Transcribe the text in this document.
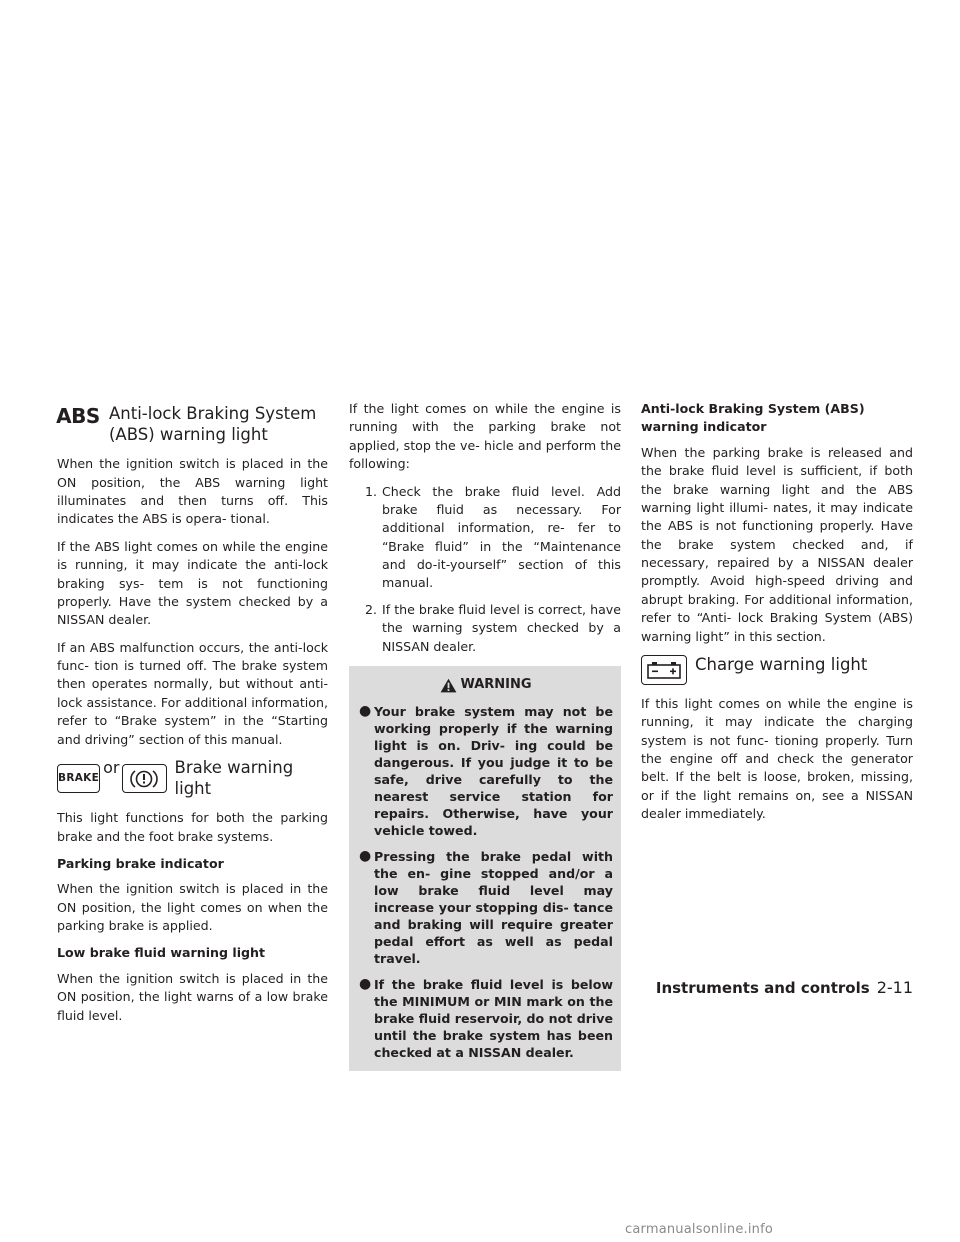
ABS Anti-lock Braking System
(ABS) warning light

When the ignition switch is placed in the ON position, the ABS warning light illuminates and then turns off. This indicates the ABS is opera- tional.

If the ABS light comes on while the engine is running, it may indicate the anti-lock braking sys- tem is not functioning properly. Have the system checked by a NISSAN dealer.

If an ABS malfunction occurs, the anti-lock func- tion is turned off. The brake system then operates normally, but without anti-lock assistance. For additional information, refer to “Brake system” in the “Starting and driving” section of this manual.

BRAKE
or	Brake warning light

This light functions for both the parking brake and the foot brake systems.

Parking brake indicator

When the ignition switch is placed in the ON position, the light comes on when the parking brake is applied.

Low brake fluid warning light

When the ignition switch is placed in the ON position, the light warns of a low brake fluid level.

If the light comes on while the engine is running with the parking brake not applied, stop the ve- hicle and perform the following:

1. Check the brake fluid level. Add brake fluid as necessary. For additional information, re- fer to “Brake fluid” in the “Maintenance and do-it-yourself” section of this manual.
2. If the brake fluid level is correct, have the warning system checked by a NISSAN dealer.
WARNING
● Your brake system may not be working properly if the warning light is on. Driv- ing could be dangerous. If you judge it to be safe, drive carefully to the nearest service station for repairs. Otherwise, have your vehicle towed.
● Pressing the brake pedal with the en- gine stopped and/or a low brake fluid level may increase your stopping dis- tance and braking will require greater pedal effort as well as pedal travel.
● If the brake fluid level is below the MINIMUM or MIN mark on the brake fluid reservoir, do not drive until the brake system has been checked at a NISSAN dealer.
Anti-lock Braking System (ABS) warning indicator

When the parking brake is released and the brake fluid level is sufficient, if both the brake warning light and the ABS warning light illumi- nates, it may indicate the ABS is not functioning properly. Have the brake system checked and, if necessary, repaired by a NISSAN dealer promptly. Avoid high-speed driving and abrupt braking. For additional information, refer to “Anti- lock Braking System (ABS) warning light” in this section.

Charge warning light

If this light comes on while the engine is running, it may indicate the charging system is not func- tioning properly. Turn the engine off and check the generator belt. If the belt is loose, broken, missing, or if the light remains on, see a NISSAN dealer immediately.

Instruments and controls 2-11
carmanualsonline.info
